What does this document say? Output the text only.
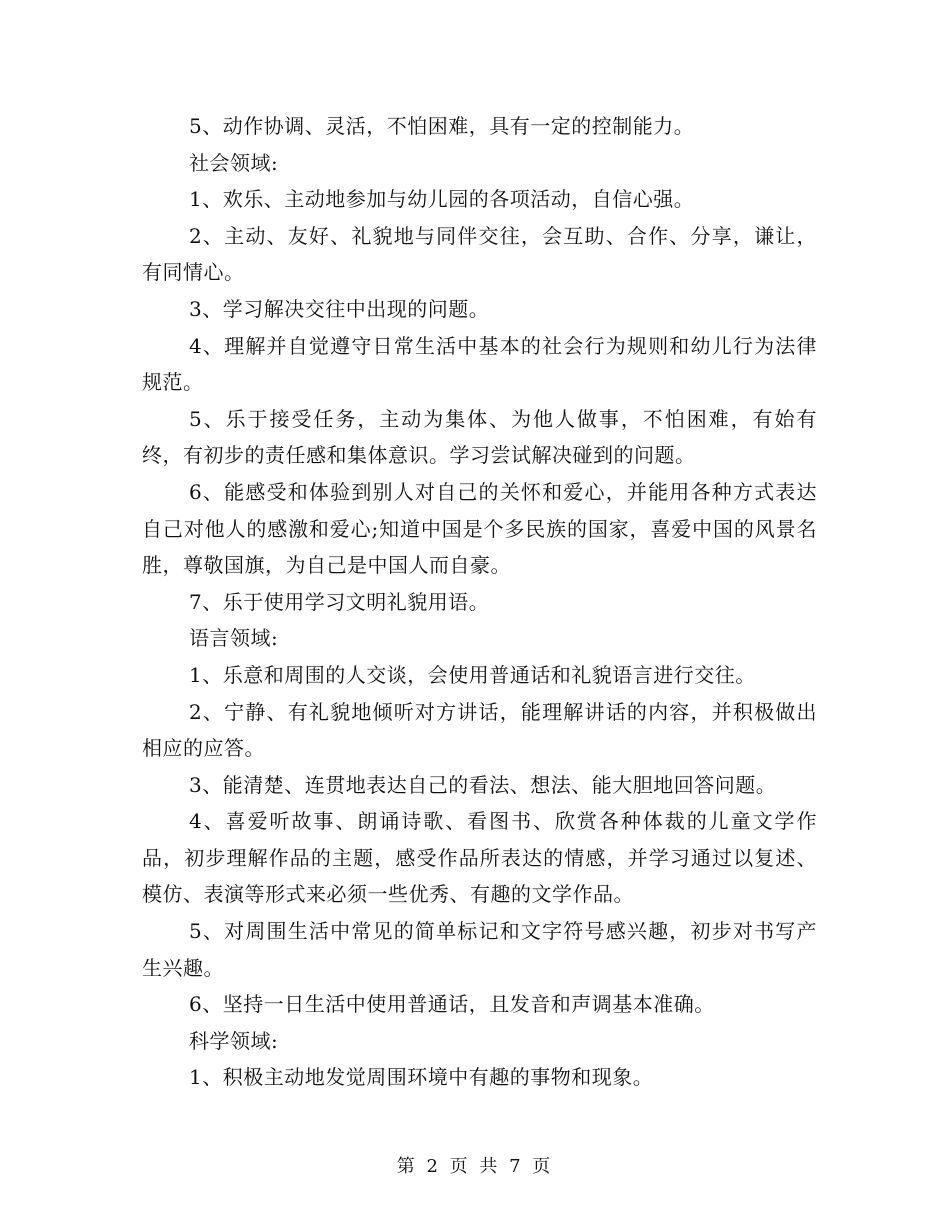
5、动作协调、灵活，不怕困难，具有一定的控制能力。

社会领域:

1、欢乐、主动地参加与幼儿园的各项活动，自信心强。

2、主动、友好、礼貌地与同伴交往，会互助、合作、分享，谦让，有同情心。

3、学习解决交往中出现的问题。

4、理解并自觉遵守日常生活中基本的社会行为规则和幼儿行为法律规范。

5、乐于接受任务，主动为集体、为他人做事，不怕困难，有始有终，有初步的责任感和集体意识。学习尝试解决碰到的问题。

6、能感受和体验到别人对自己的关怀和爱心，并能用各种方式表达自己对他人的感激和爱心;知道中国是个多民族的国家，喜爱中国的风景名胜，尊敬国旗，为自己是中国人而自豪。

7、乐于使用学习文明礼貌用语。

语言领域:

1、乐意和周围的人交谈，会使用普通话和礼貌语言进行交往。

2、宁静、有礼貌地倾听对方讲话，能理解讲话的内容，并积极做出相应的应答。

3、能清楚、连贯地表达自己的看法、想法、能大胆地回答问题。

4、喜爱听故事、朗诵诗歌、看图书、欣赏各种体裁的儿童文学作品，初步理解作品的主题，感受作品所表达的情感，并学习通过以复述、模仿、表演等形式来必须一些优秀、有趣的文学作品。

5、对周围生活中常见的简单标记和文字符号感兴趣，初步对书写产生兴趣。

6、坚持一日生活中使用普通话，且发音和声调基本准确。

科学领域:

1、积极主动地发觉周围环境中有趣的事物和现象。

第 2 页 共 7 页
